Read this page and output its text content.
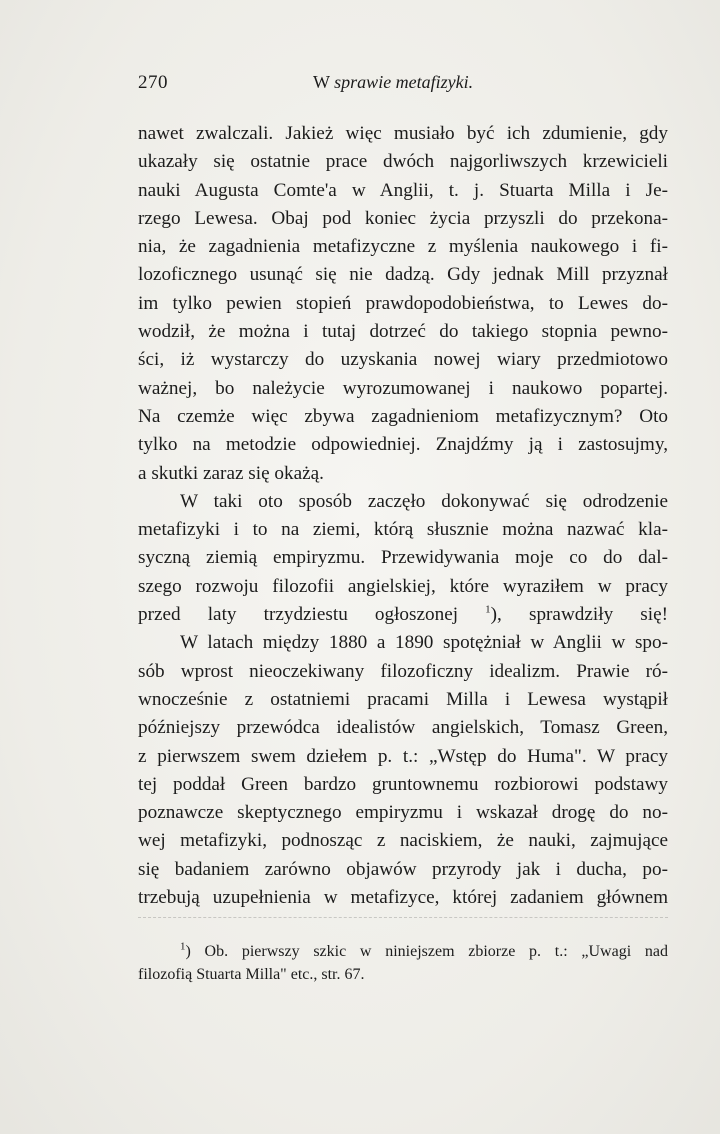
270	W sprawie metafizyki.
nawet zwalczali. Jakież więc musiało być ich zdumienie, gdy
ukazały się ostatnie prace dwóch najgorliwszych krzewicieli
nauki Augusta Comte'a w Anglii, t. j. Stuarta Milla i Je-
rzego Lewesa. Obaj pod koniec życia przyszli do przekona-
nia, że zagadnienia metafizyczne z myślenia naukowego i fi-
lozoficznego usunąć się nie dadzą. Gdy jednak Mill przyznał
im tylko pewien stopień prawdopodobieństwa, to Lewes do-
wodził, że można i tutaj dotrzeć do takiego stopnia pewno-
ści, iż wystarczy do uzyskania nowej wiary przedmiotowo
ważnej, bo należycie wyrozumowanej i naukowo popartej.
Na czemże więc zbywa zagadnieniom metafizycznym? Oto
tylko na metodzie odpowiedniej. Znajdźmy ją i zastosujmy,
a skutki zaraz się okażą.
W taki oto sposób zaczęło dokonywać się odrodzenie
metafizyki i to na ziemi, którą słusznie można nazwać kla-
syczną ziemią empiryzmu. Przewidywania moje co do dal-
szego rozwoju filozofii angielskiej, które wyraziłem w pracy
przed laty trzydziestu ogłoszonej $^1$), sprawdziły się!
W latach między 1880 a 1890 spotężniał w Anglii w spo-
sób wprost nieoczekiwany filozoficzny idealizm. Prawie ró-
wnocześnie z ostatniemi pracami Milla i Lewesa wystąpił
późniejszy przewódca idealistów angielskich, Tomasz Green,
z pierwszem swem dziełem p. t.: „Wstęp do Huma". W pracy
tej poddał Green bardzo gruntownemu rozbiorowi podstawy
poznawcze skeptycznego empiryzmu i wskazał drogę do no-
wej metafizyki, podnosząc z naciskiem, że nauki, zajmujące
się badaniem zarówno objawów przyrody jak i ducha, po-
trzebują uzupełnienia w metafizyce, której zadaniem głównem
$^1$) Ob. pierwszy szkic w niniejszem zbiorze p. t.: „Uwagi nad
filozofią Stuarta Milla" etc., str. 67.
